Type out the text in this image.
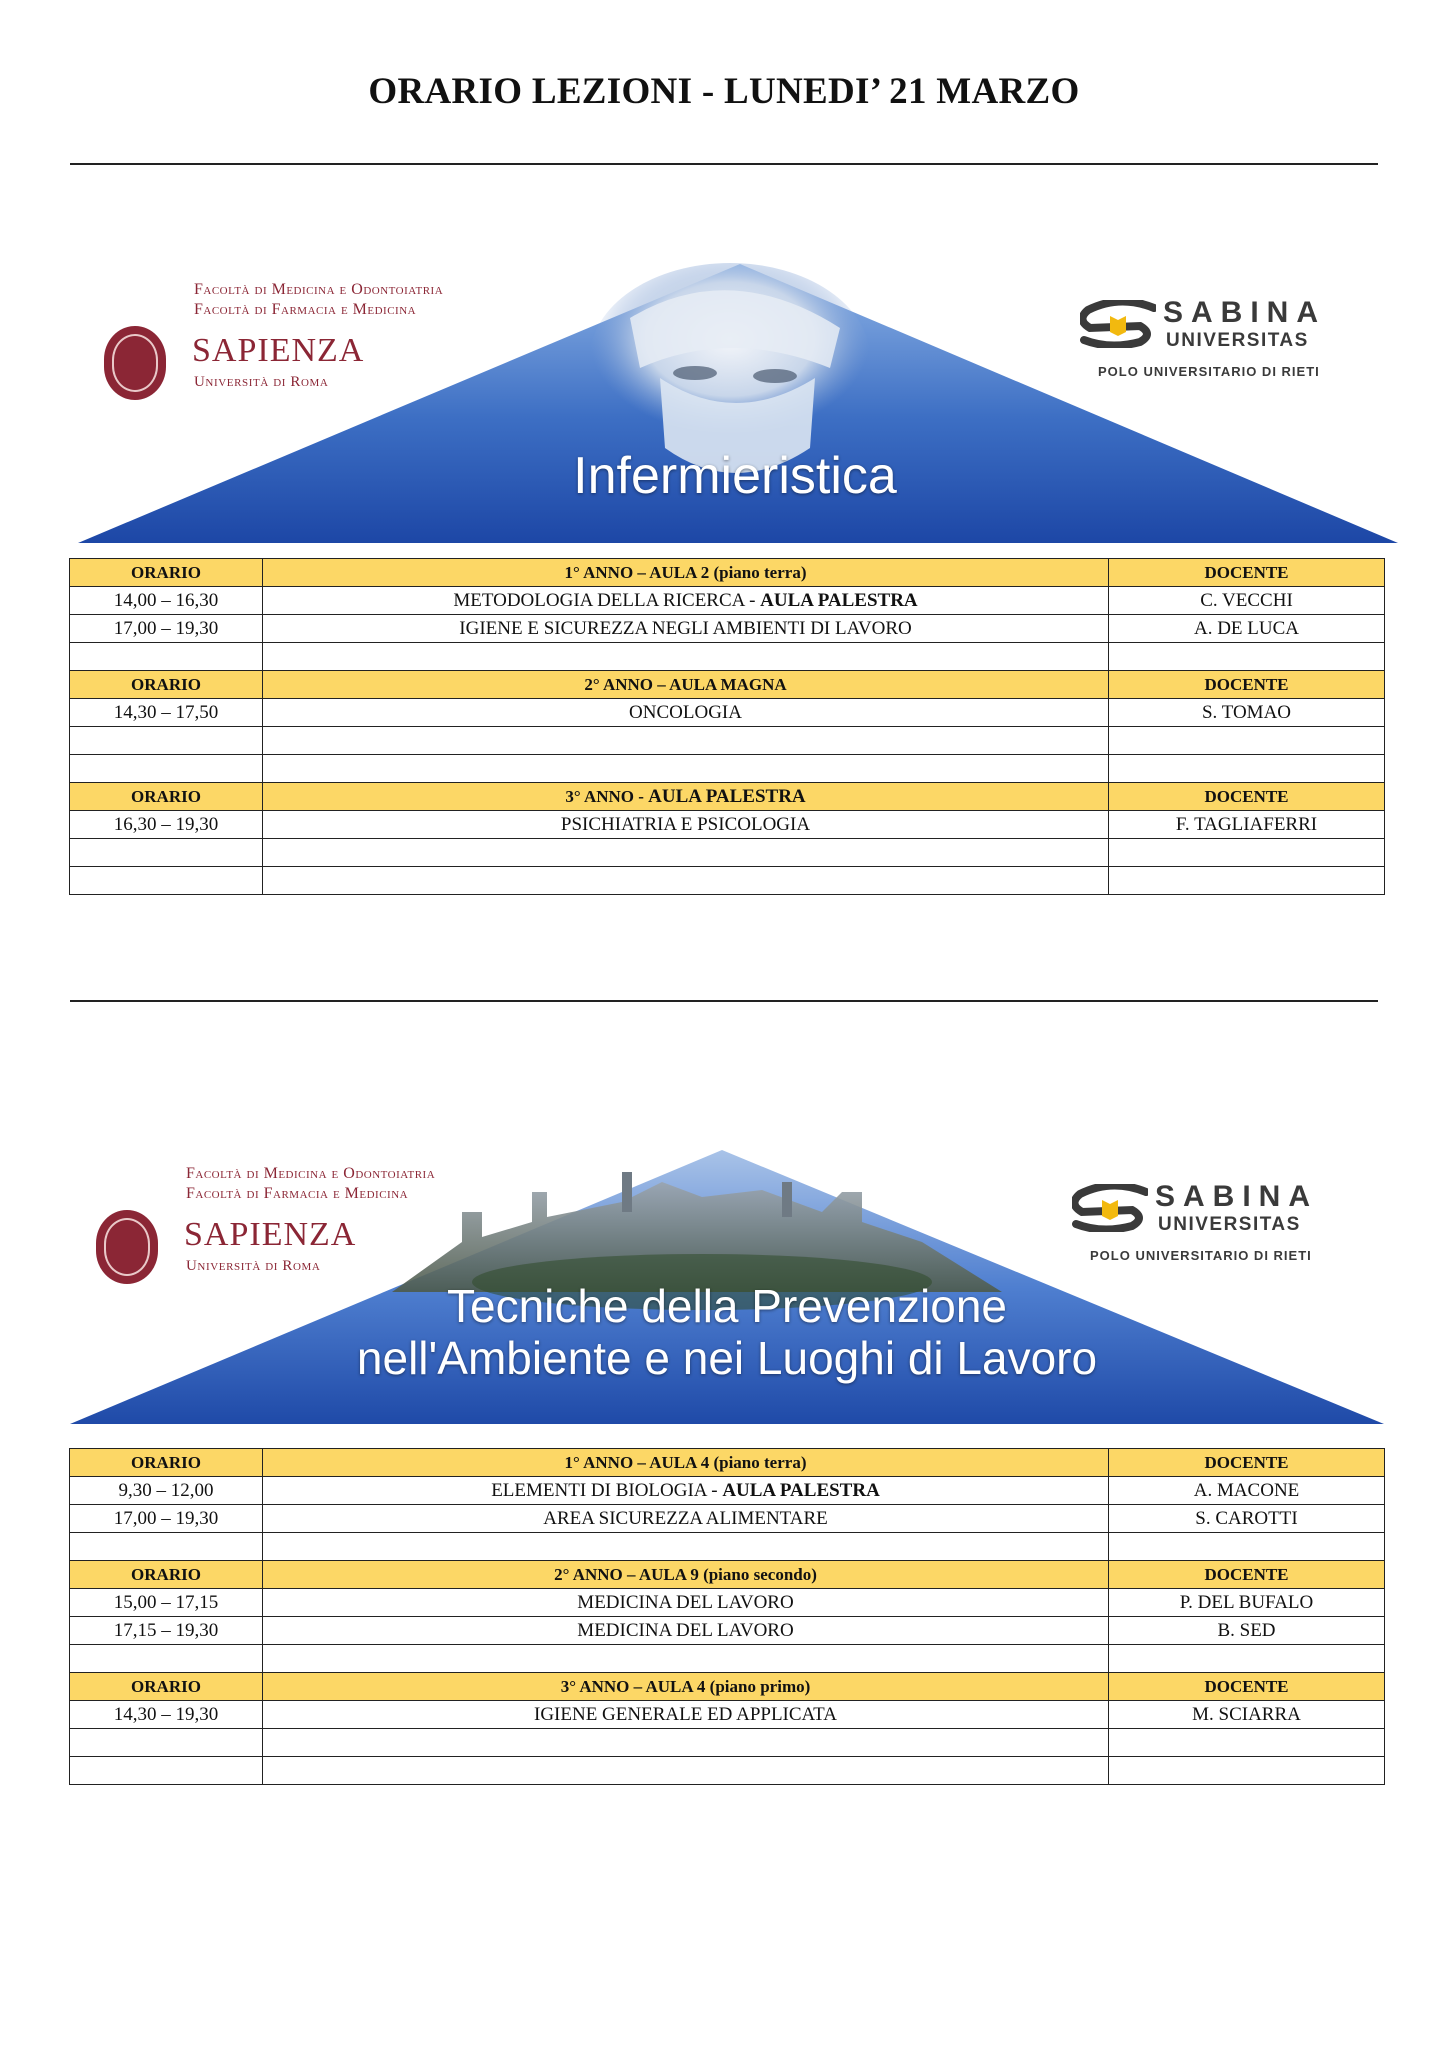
ORARIO LEZIONI - LUNEDI’ 21 MARZO
Infermieristica
Facoltà di Medicina e Odontoiatria
Facoltà di Farmacia e Medicina
SAPIENZA
Università di Roma
SABINA
UNIVERSITAS
POLO UNIVERSITARIO DI RIETI
ORARIO	1° ANNO – AULA 2 (piano terra)	DOCENTE
14,00 – 16,30	METODOLOGIA DELLA RICERCA - AULA PALESTRA	C. VECCHI
17,00 – 19,30	IGIENE E SICUREZZA NEGLI AMBIENTI DI LAVORO	A. DE LUCA

ORARIO	2° ANNO – AULA MAGNA	DOCENTE
14,30 – 17,50	ONCOLOGIA	S. TOMAO

ORARIO	3° ANNO - AULA PALESTRA	DOCENTE
16,30 – 19,30	PSICHIATRIA E PSICOLOGIA	F. TAGLIAFERRI

Tecniche della Prevenzione
nell'Ambiente e nei Luoghi di Lavoro
Facoltà di Medicina e Odontoiatria
Facoltà di Farmacia e Medicina
SAPIENZA
Università di Roma
SABINA
UNIVERSITAS
POLO UNIVERSITARIO DI RIETI
ORARIO	1° ANNO – AULA 4 (piano terra)	DOCENTE
9,30 – 12,00	ELEMENTI DI BIOLOGIA - AULA PALESTRA	A. MACONE
17,00 – 19,30	AREA SICUREZZA ALIMENTARE	S. CAROTTI

ORARIO	2° ANNO – AULA 9 (piano secondo)	DOCENTE
15,00 – 17,15	MEDICINA DEL LAVORO	P. DEL BUFALO
17,15 – 19,30	MEDICINA DEL LAVORO	B. SED

ORARIO	3° ANNO – AULA 4 (piano primo)	DOCENTE
14,30 – 19,30	IGIENE GENERALE ED APPLICATA	M. SCIARRA
